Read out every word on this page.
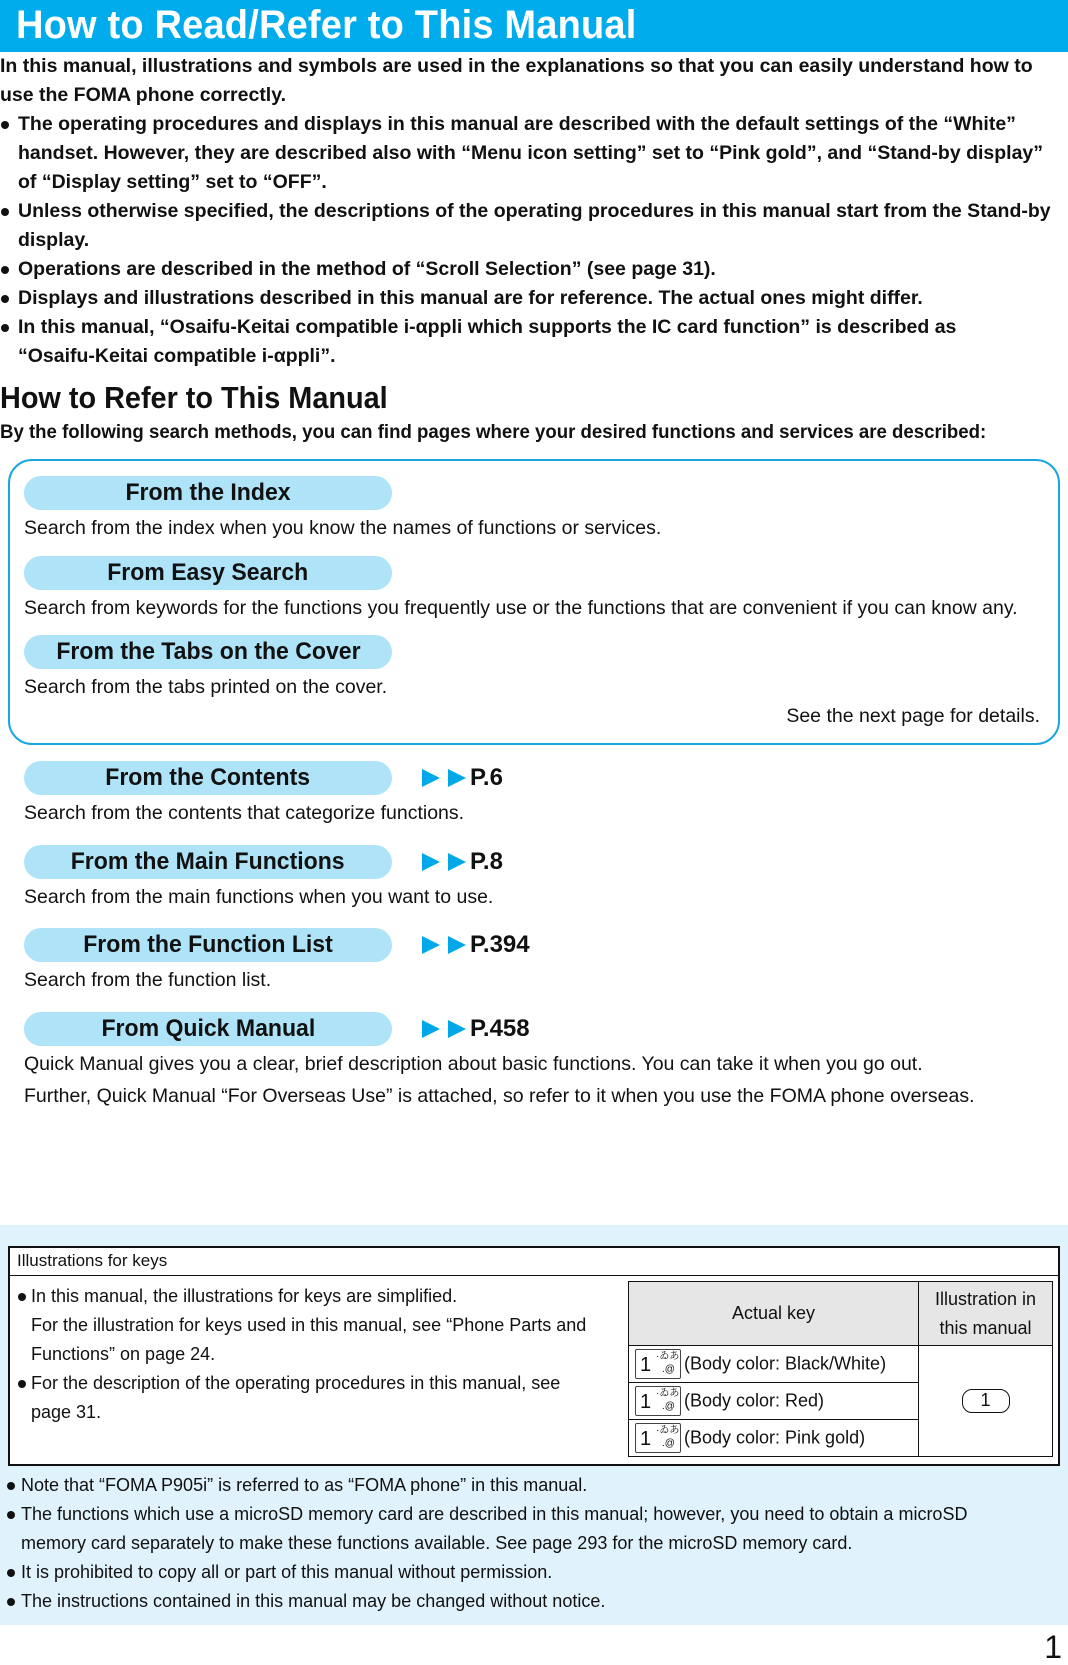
How to Read/Refer to This Manual

In this manual, illustrations and symbols are used in the explanations so that you can easily understand how to

use the FOMA phone correctly.

The operating procedures and displays in this manual are described with the default settings of the “White”
handset. However, they are described also with “Menu icon setting” set to “Pink gold”, and “Stand-by display”
of “Display setting” set to “OFF”.
Unless otherwise specified, the descriptions of the operating procedures in this manual start from the Stand-by
display.
Operations are described in the method of “Scroll Selection” (see page 31).
Displays and illustrations described in this manual are for reference. The actual ones might differ.
In this manual, “Osaifu-Keitai compatible i-αppli which supports the IC card function” is described as
“Osaifu-Keitai compatible i-αppli”.
How to Refer to This Manual

By the following search methods, you can find pages where your desired functions and services are described:

From the Index
Search from the index when you know the names of functions or services.
From Easy Search
Search from keywords for the functions you frequently use or the functions that are convenient if you can know any.
From the Tabs on the Cover
Search from the tabs printed on the cover.
See the next page for details.
From the Contents	P.6
Search from the contents that categorize functions.
From the Main Functions	P.8
Search from the main functions when you want to use.
From the Function List	P.394
Search from the function list.
From Quick Manual	P.458
Quick Manual gives you a clear, brief description about basic functions. You can take it when you go out.
Further, Quick Manual “For Overseas Use” is attached, so refer to it when you use the FOMA phone overseas.
Illustrations for keys
In this manual, the illustrations for keys are simplified.
For the illustration for keys used in this manual, see “Phone Parts and
Functions” on page 24.
For the description of the operating procedures in this manual, see
page 31.
Actual key	Illustration in
this manual

1 ·ゐあ
.@ (Body color: Black/White)	1

1 ·ゐあ
.@ (Body color: Red)	

1 ·ゐあ
.@ (Body color: Pink gold)	
Note that “FOMA P905i” is referred to as “FOMA phone” in this manual.
The functions which use a microSD memory card are described in this manual; however, you need to obtain a microSD
memory card separately to make these functions available. See page 293 for the microSD memory card.
It is prohibited to copy all or part of this manual without permission.
The instructions contained in this manual may be changed without notice.
1
